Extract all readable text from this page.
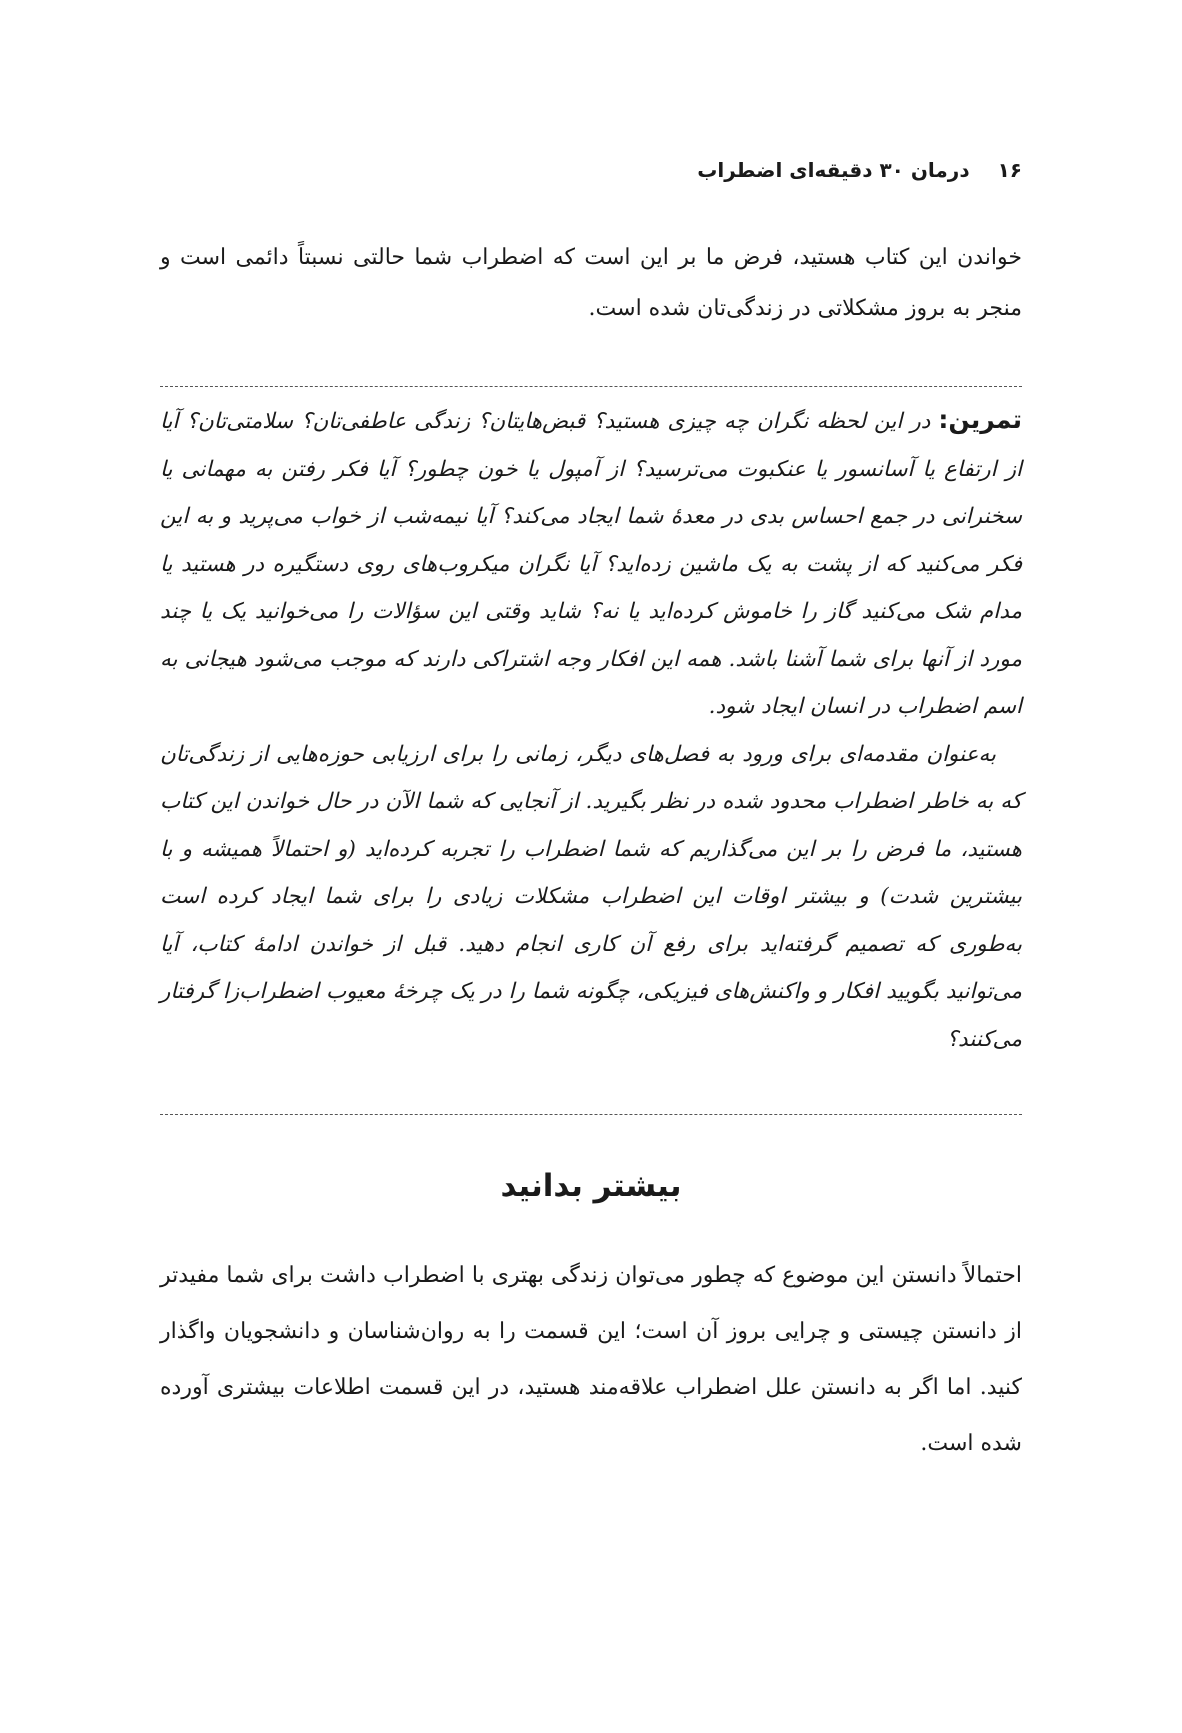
۱۶
درمان ۳۰ دقیقه‌ای اضطراب
خواندن این کتاب هستید، فرض ما بر این است که اضطراب شما حالتی نسبتاً دائمی است و منجر به بروز مشکلاتی در زندگی‌تان شده است.

تمرین: در این لحظه نگران چه چیزی هستید؟ قبض‌هایتان؟ زندگی عاطفی‌تان؟ سلامتی‌تان؟ آیا از ارتفاع یا آسانسور یا عنکبوت می‌ترسید؟ از آمپول یا خون چطور؟ آیا فکر رفتن به مهمانی یا سخنرانی در جمع احساس بدی در معدهٔ شما ایجاد می‌کند؟ آیا نیمه‌شب از خواب می‌پرید و به این فکر می‌کنید که از پشت به یک ماشین زده‌اید؟ آیا نگران میکروب‌های روی دستگیره در هستید یا مدام شک می‌کنید گاز را خاموش کرده‌اید یا نه؟ شاید وقتی این سؤالات را می‌خوانید یک یا چند مورد از آنها برای شما آشنا باشد. همه این افکار وجه اشتراکی دارند که موجب می‌شود هیجانی به اسم اضطراب در انسان ایجاد شود.

به‌عنوان مقدمه‌ای برای ورود به فصل‌های دیگر، زمانی را برای ارزیابی حوزه‌هایی از زندگی‌تان که به خاطر اضطراب محدود شده در نظر بگیرید. از آنجایی که شما الآن در حال خواندن این کتاب هستید، ما فرض را بر این می‌گذاریم که شما اضطراب را تجربه کرده‌اید (و احتمالاً همیشه و با بیشترین شدت) و بیشتر اوقات این اضطراب مشکلات زیادی را برای شما ایجاد کرده است به‌طوری که تصمیم گرفته‌اید برای رفع آن کاری انجام دهید. قبل از خواندن ادامهٔ کتاب، آیا می‌توانید بگویید افکار و واکنش‌های فیزیکی، چگونه شما را در یک چرخهٔ معیوب اضطراب‌زا گرفتار می‌کنند؟

بیشتر بدانید
احتمالاً دانستن این موضوع که چطور می‌توان زندگی بهتری با اضطراب داشت برای شما مفیدتر از دانستن چیستی و چرایی بروز آن است؛ این قسمت را به روان‌شناسان و دانشجویان واگذار کنید. اما اگر به دانستن علل اضطراب علاقه‌مند هستید، در این قسمت اطلاعات بیشتری آورده شده است.
